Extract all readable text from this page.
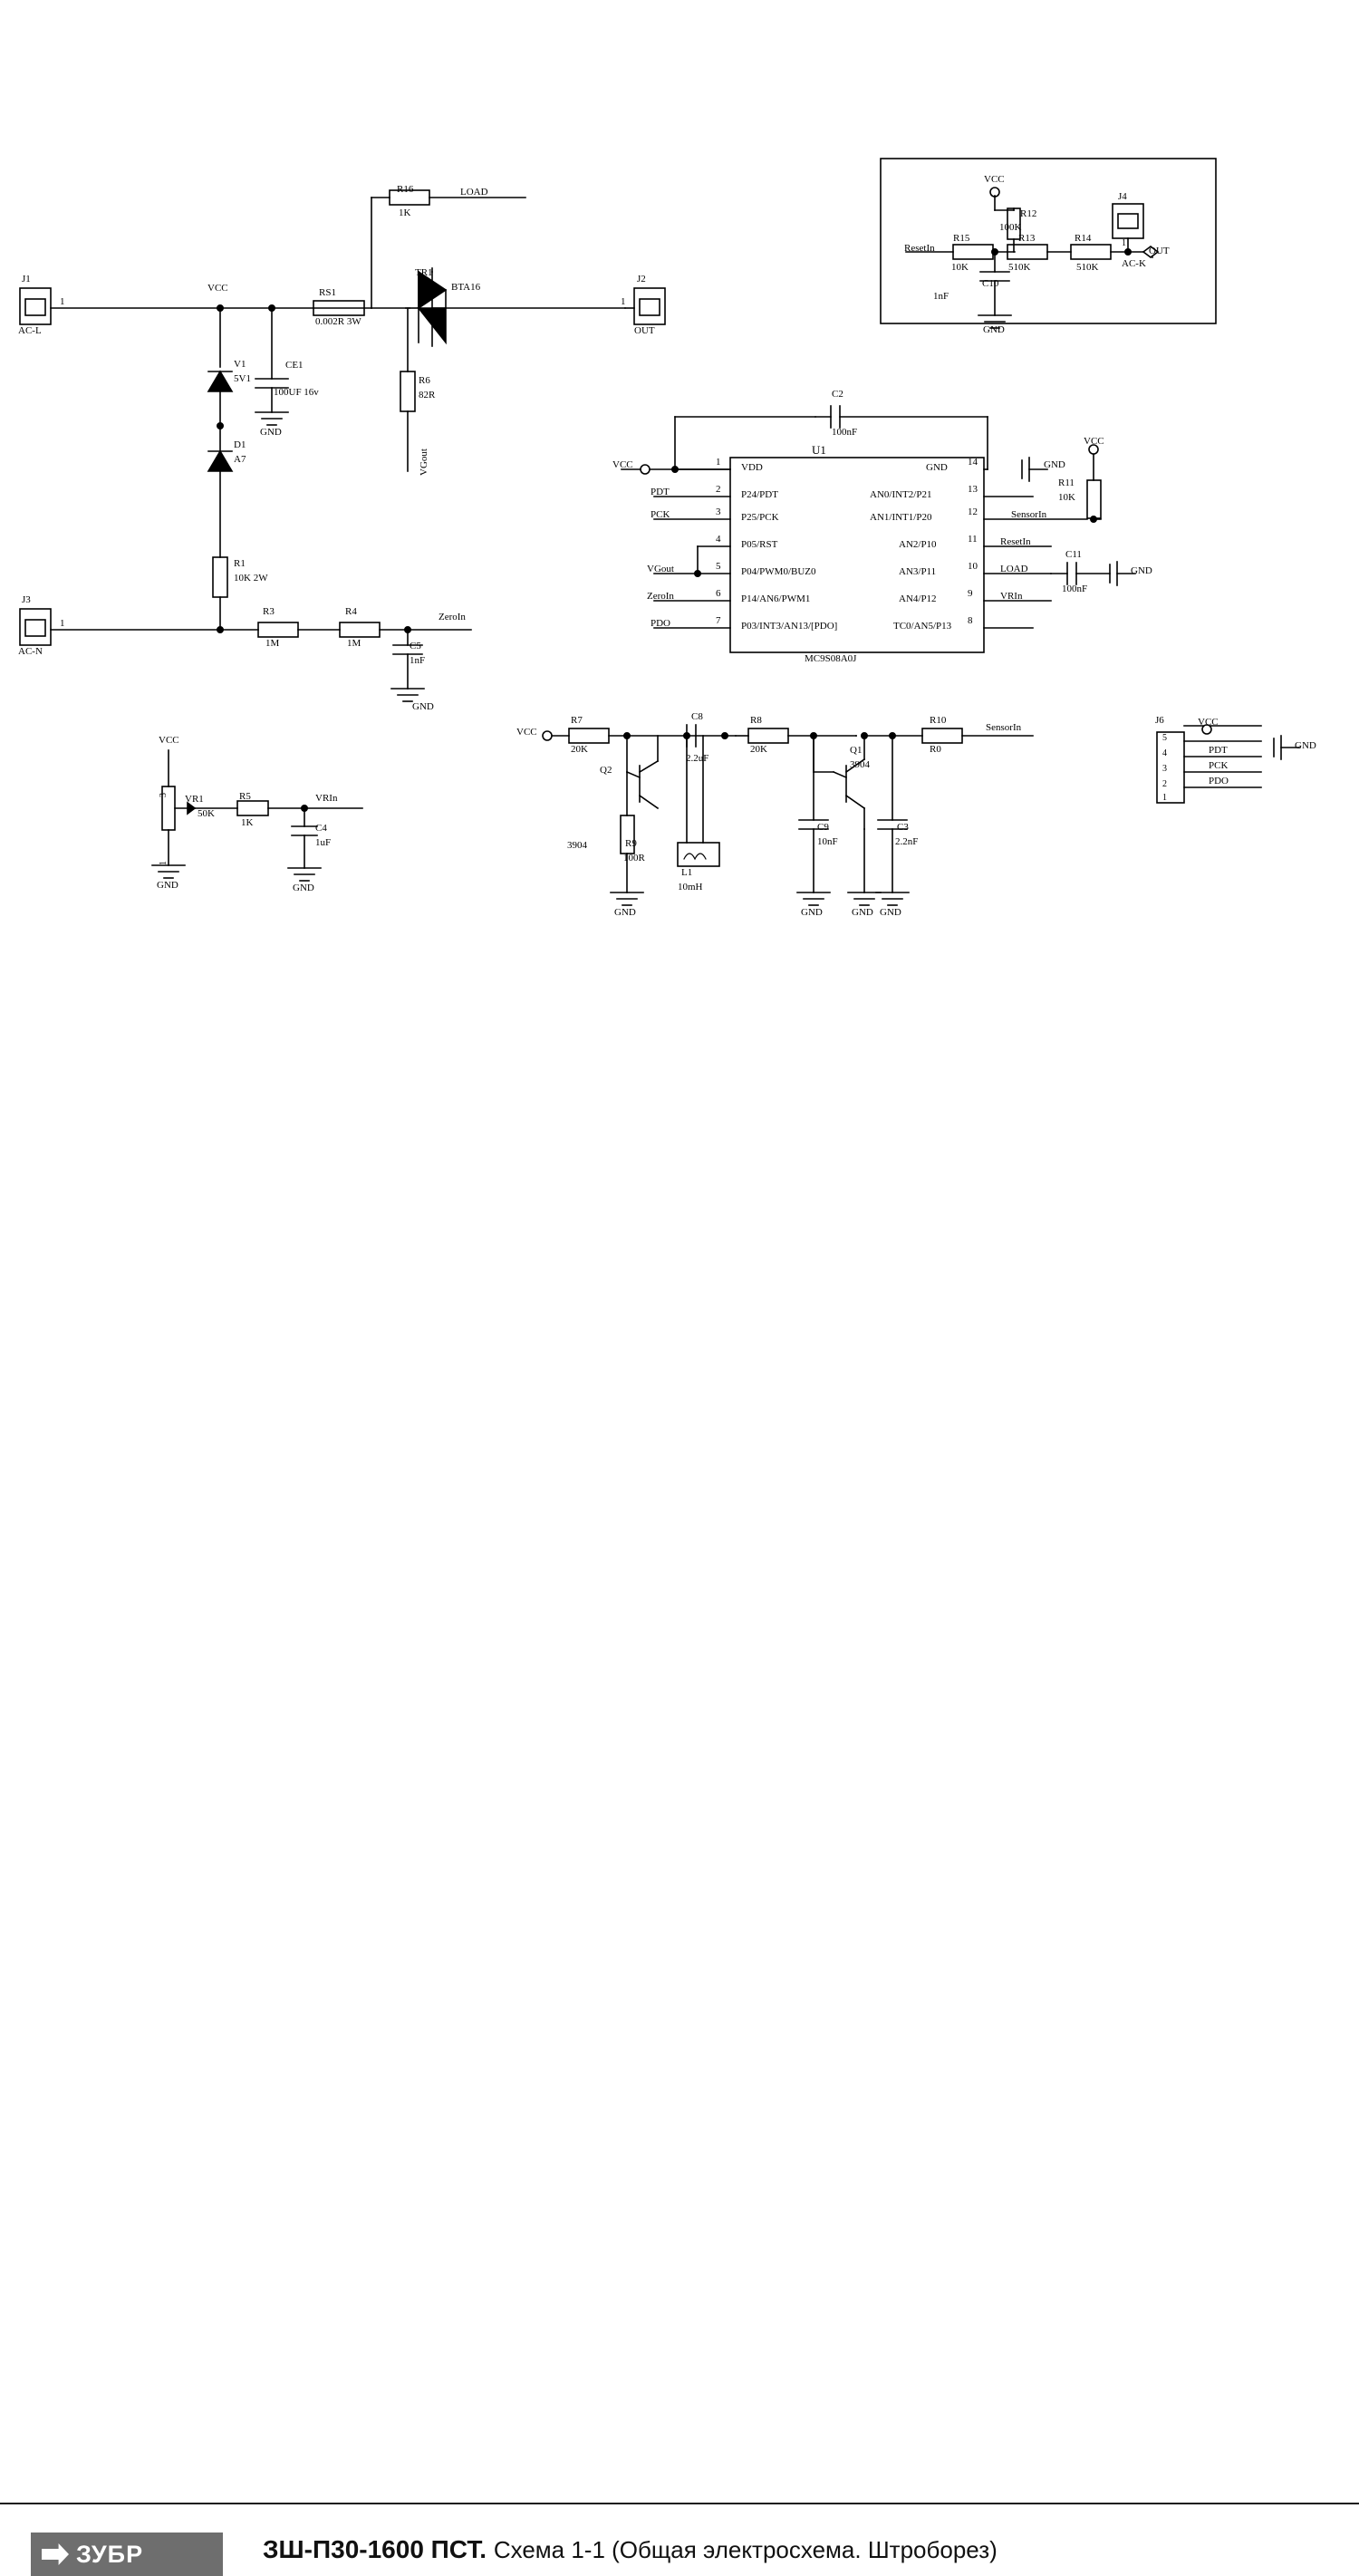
J1
1
AC-L
J2
1
OUT
J3
1
AC-N
VCC
V1
5V1
CE1
100UF 16v
GND
D1
A7
R1
10K 2W
R3
1M
R4
1M	C5
1nF
GND
ZeroIn
RS1
0.002R 3W
R16
1K
LOAD
TR1
BTA16
R6
82R
VGout
VCC
3
1
VR1
50K
R5
1K
VRIn
C4
1uF
GND	GND
U1
MC9S08A0J
1
2
3
4
5
6
7
VDD
P24/PDT
P25/PCK
P05/RST
P04/PWM0/BUZ0
P14/AN6/PWM1
P03/INT3/AN13/[PDO]
VCC
PDT
PCK
VGout
ZeroIn
PDO
14
13
12
11
10
9
8
GND
AN0/INT2/P21
AN1/INT1/P20
AN2/P10
AN3/P11
AN4/P12
TC0/AN5/P13
GND
SensorIn
ResetIn
LOAD
VRIn
C2
100nF
VCC
R11
10K
C11
100nF
GND
VCC
R7
20K
C8
2.2uF
R8
20K
R10
R0
SensorIn
Q2
3904
Q1
3904
R9
100R
L1
10mH
C9
10nF
C3
2.2nF
GND	GND	GND GND
J6	VCC
5
4
3
2
1
PDT
PCK
PDO
GND
ResetIn
R15
10K
VCC
R12
100K
R13
510K
R14
510K
C10
1nF
GND
J4
1
AC-K
OUT
ЗУБР	ЗШ-П30-1600 ПСТ. Схема 1-1 (Общая электросхема. Штроборез)
